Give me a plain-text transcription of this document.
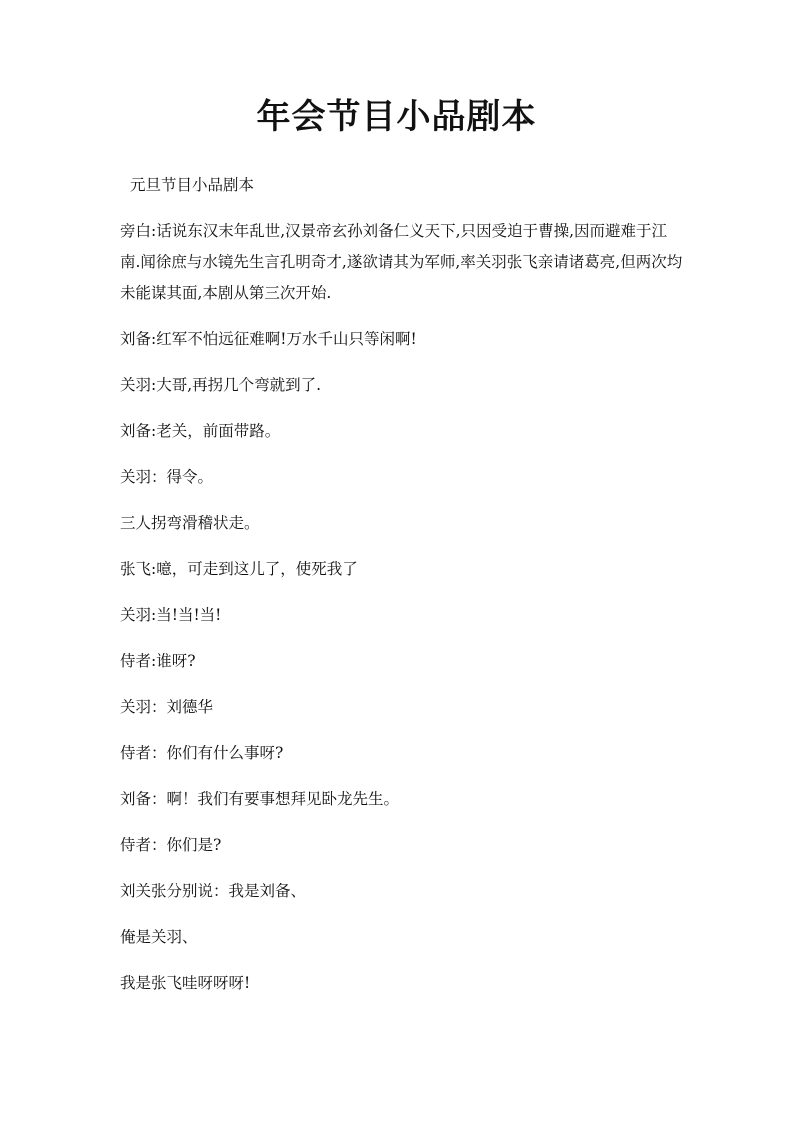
年会节目小品剧本

元旦节目小品剧本

旁白:话说东汉末年乱世,汉景帝玄孙刘备仁义天下,只因受迫于曹操,因而避难于江南.闻徐庶与水镜先生言孔明奇才,遂欲请其为军师,率关羽张飞亲请诸葛亮,但两次均未能谋其面,本剧从第三次开始.

刘备:红军不怕远征难啊!万水千山只等闲啊!

关羽:大哥,再拐几个弯就到了.

刘备:老关，前面带路。

关羽：得令。

三人拐弯滑稽状走。

张飞:噫，可走到这儿了，使死我了

关羽:当!当!当!

侍者:谁呀?

关羽：刘德华

侍者：你们有什么事呀?

刘备：啊！我们有要事想拜见卧龙先生。

侍者：你们是?

刘关张分别说：我是刘备、

俺是关羽、

我是张飞哇呀呀呀!
